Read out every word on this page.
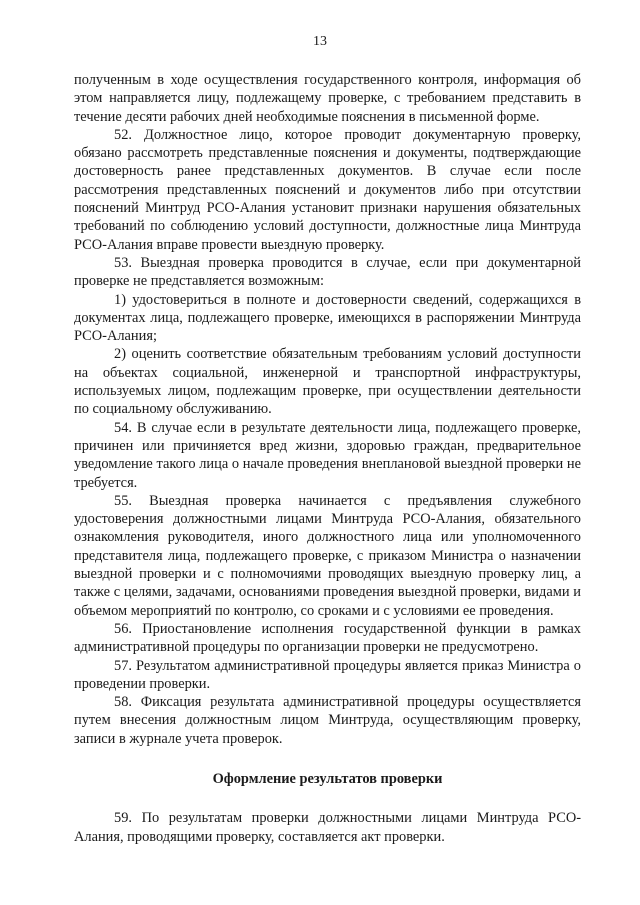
13

полученным в ходе осуществления государственного контроля, информация об этом направляется лицу, подлежащему проверке, с требованием представить в течение десяти рабочих дней необходимые пояснения в письменной форме.

52. Должностное лицо, которое проводит документарную проверку, обязано рассмотреть представленные пояснения и документы, подтверждающие достоверность ранее представленных документов. В случае если после рассмотрения представленных пояснений и документов либо при отсутствии пояснений Минтруд РСО-Алания установит признаки нарушения обязательных требований по соблюдению условий доступности, должностные лица Минтруда РСО-Алания вправе провести выездную проверку.

53. Выездная проверка проводится в случае, если при документарной проверке не представляется возможным:

1) удостовериться в полноте и достоверности сведений, содержащихся в документах лица, подлежащего проверке, имеющихся в распоряжении Минтруда РСО-Алания;

2) оценить соответствие обязательным требованиям условий доступности на объектах социальной, инженерной и транспортной инфраструктуры, используемых лицом, подлежащим проверке, при осуществлении деятельности по социальному обслуживанию.

54. В случае если в результате деятельности лица, подлежащего проверке, причинен или причиняется вред жизни, здоровью граждан, предварительное уведомление такого лица о начале проведения внеплановой выездной проверки не требуется.

55. Выездная проверка начинается с предъявления служебного удостоверения должностными лицами Минтруда РСО-Алания, обязательного ознакомления руководителя, иного должностного лица или уполномоченного представителя лица, подлежащего проверке, с приказом Министра о назначении выездной проверки и с полномочиями проводящих выездную проверку лиц, а также с целями, задачами, основаниями проведения выездной проверки, видами и объемом мероприятий по контролю, со сроками и с условиями ее проведения.

56. Приостановление исполнения государственной функции в рамках административной процедуры по организации проверки не предусмотрено.

57. Результатом административной процедуры является приказ Министра о проведении проверки.

58. Фиксация результата административной процедуры осуществляется путем внесения должностным лицом Минтруда, осуществляющим проверку, записи в журнале учета проверок.

Оформление результатов проверки

59. По результатам проверки должностными лицами Минтруда РСО-Алания, проводящими проверку, составляется акт проверки.
